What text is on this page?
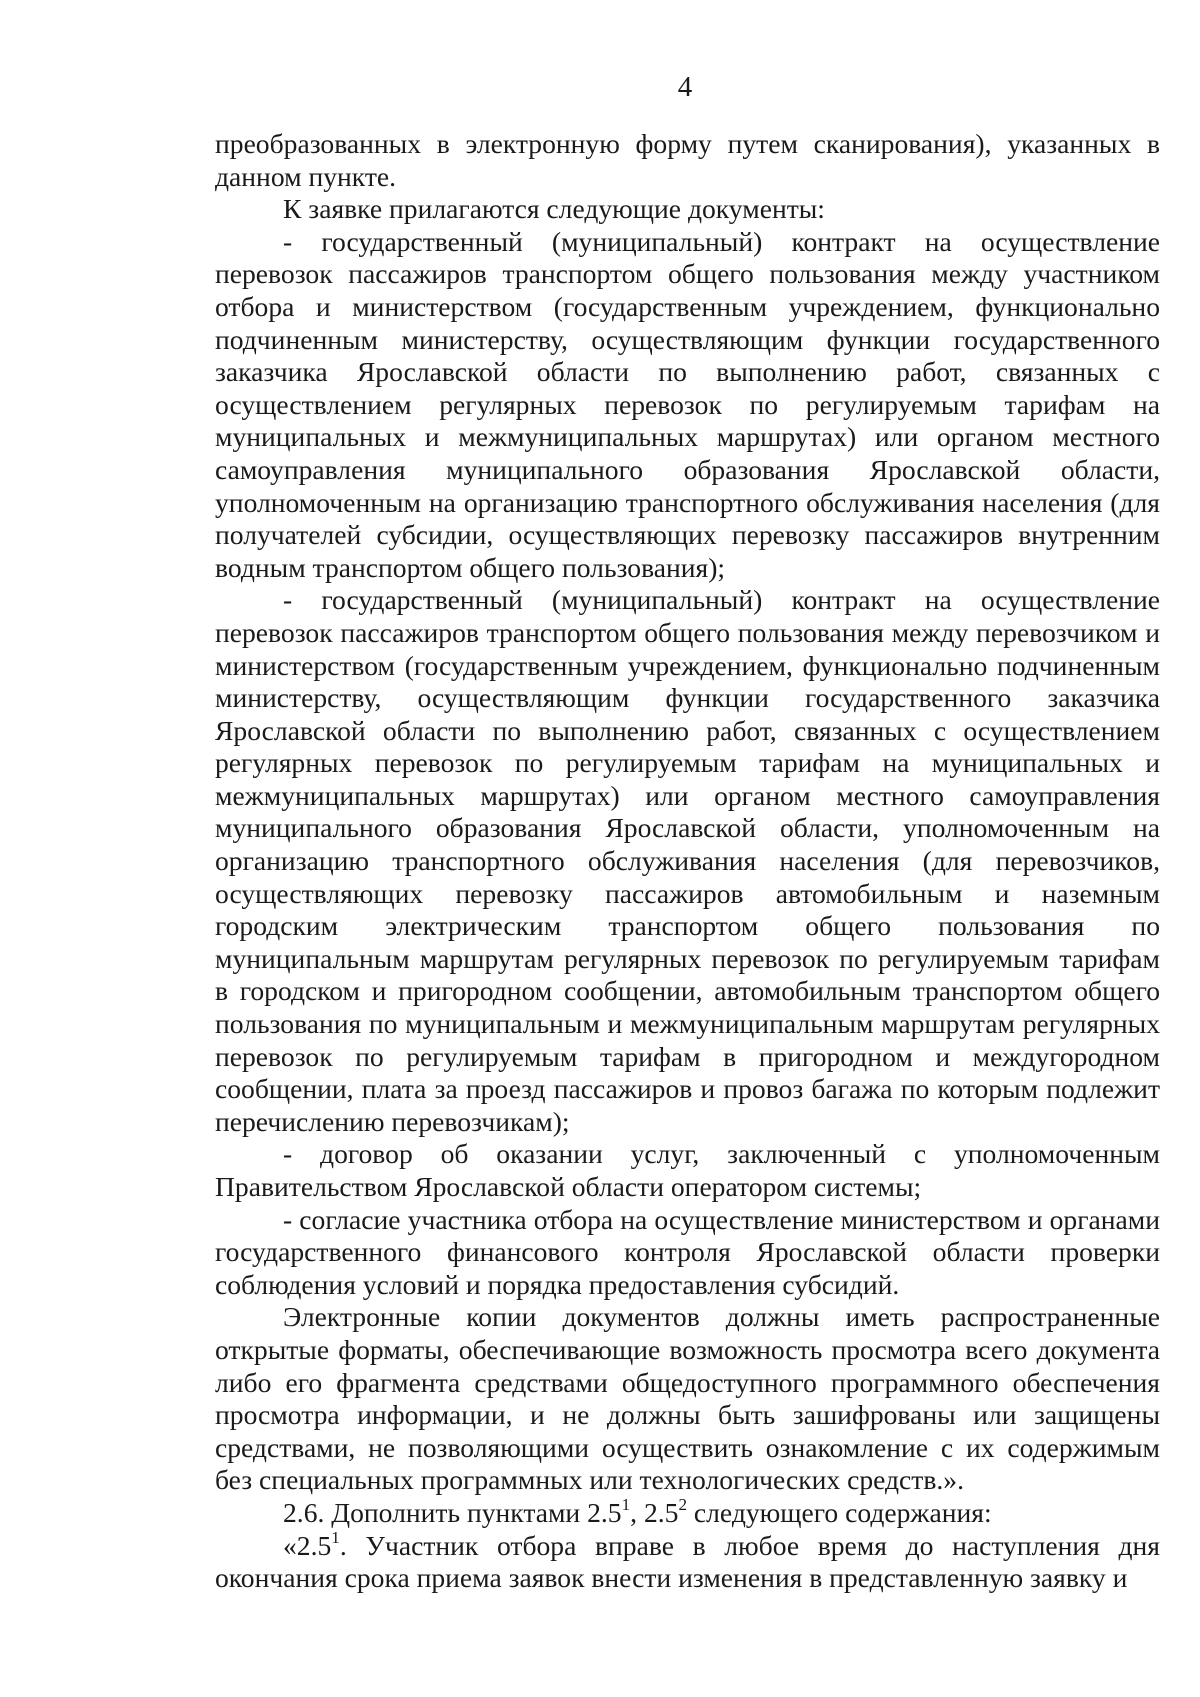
4

преобразованных в электронную форму путем сканирования), указанных в данном пункте.

К заявке прилагаются следующие документы:

- государственный (муниципальный) контракт на осуществление перевозок пассажиров транспортом общего пользования между участником отбора и министерством (государственным учреждением, функционально подчиненным министерству, осуществляющим функции государственного заказчика Ярославской области по выполнению работ, связанных с осуществлением регулярных перевозок по регулируемым тарифам на муниципальных и межмуниципальных маршрутах) или органом местного самоуправления муниципального образования Ярославской области, уполномоченным на организацию транспортного обслуживания населения (для получателей субсидии, осуществляющих перевозку пассажиров внутренним водным транспортом общего пользования);

- государственный (муниципальный) контракт на осуществление перевозок пассажиров транспортом общего пользования между перевозчиком и министерством (государственным учреждением, функционально подчиненным министерству, осуществляющим функции государственного заказчика Ярославской области по выполнению работ, связанных с осуществлением регулярных перевозок по регулируемым тарифам на муниципальных и межмуниципальных маршрутах) или органом местного самоуправления муниципального образования Ярославской области, уполномоченным на организацию транспортного обслуживания населения (для перевозчиков, осуществляющих перевозку пассажиров автомобильным и наземным городским электрическим транспортом общего пользования по муниципальным маршрутам регулярных перевозок по регулируемым тарифам в городском и пригородном сообщении, автомобильным транспортом общего пользования по муниципальным и межмуниципальным маршрутам регулярных перевозок по регулируемым тарифам в пригородном и междугородном сообщении, плата за проезд пассажиров и провоз багажа по которым подлежит перечислению перевозчикам);

- договор об оказании услуг, заключенный с уполномоченным Правительством Ярославской области оператором системы;

- согласие участника отбора на осуществление министерством и органами государственного финансового контроля Ярославской области проверки соблюдения условий и порядка предоставления субсидий.

Электронные копии документов должны иметь распространенные открытые форматы, обеспечивающие возможность просмотра всего документа либо его фрагмента средствами общедоступного программного обеспечения просмотра информации, и не должны быть зашифрованы или защищены средствами, не позволяющими осуществить ознакомление с их содержимым без специальных программных или технологических средств.».

2.6. Дополнить пунктами $2.5^1$, $2.5^2$ следующего содержания:

«$2.5^1$. Участник отбора вправе в любое время до наступления дня окончания срока приема заявок внести изменения в представленную заявку и
